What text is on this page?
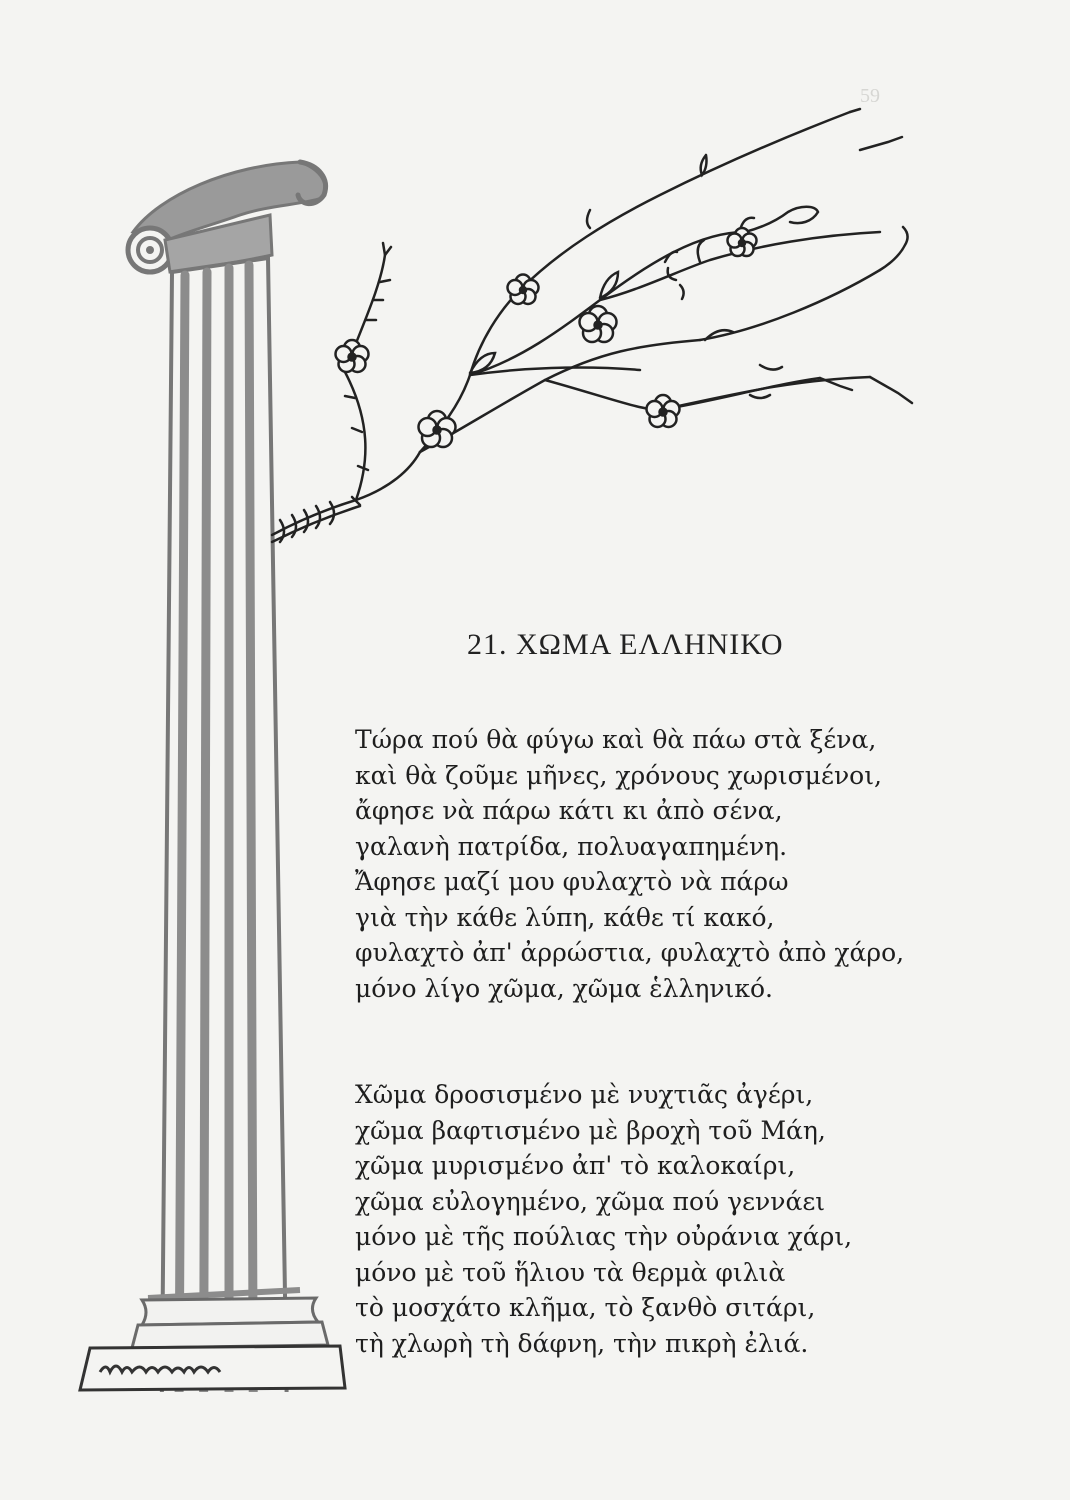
59
21. ΧΩΜΑ ΕΛΛΗΝΙΚΟ
Τώρα πού θὰ φύγω καὶ θὰ πάω στὰ ξένα,
καὶ θὰ ζοῦμε μῆνες, χρόνους χωρισμένοι,
ἄφησε νὰ πάρω κάτι κι ἀπὸ σένα,
γαλανὴ πατρίδα, πολυαγαπημένη.
Ἄφησε μαζί μου φυλαχτὸ νὰ πάρω
γιὰ τὴν κάθε λύπη, κάθε τί κακό,
φυλαχτὸ ἀπ' ἀρρώστια, φυλαχτὸ ἀπὸ χάρο,
μόνο λίγο χῶμα, χῶμα ἑλληνικό.
Χῶμα δροσισμένο μὲ νυχτιᾶς ἀγέρι,
χῶμα βαφτισμένο μὲ βροχὴ τοῦ Μάη,
χῶμα μυρισμένο ἀπ' τὸ καλοκαίρι,
χῶμα εὐλογημένο, χῶμα πού γεννάει
μόνο μὲ τῆς πούλιας τὴν οὐράνια χάρι,
μόνο μὲ τοῦ ἥλιου τὰ θερμὰ φιλιὰ
τὸ μοσχάτο κλῆμα, τὸ ξανθὸ σιτάρι,
τὴ χλωρὴ τὴ δάφνη, τὴν πικρὴ ἐλιά.
